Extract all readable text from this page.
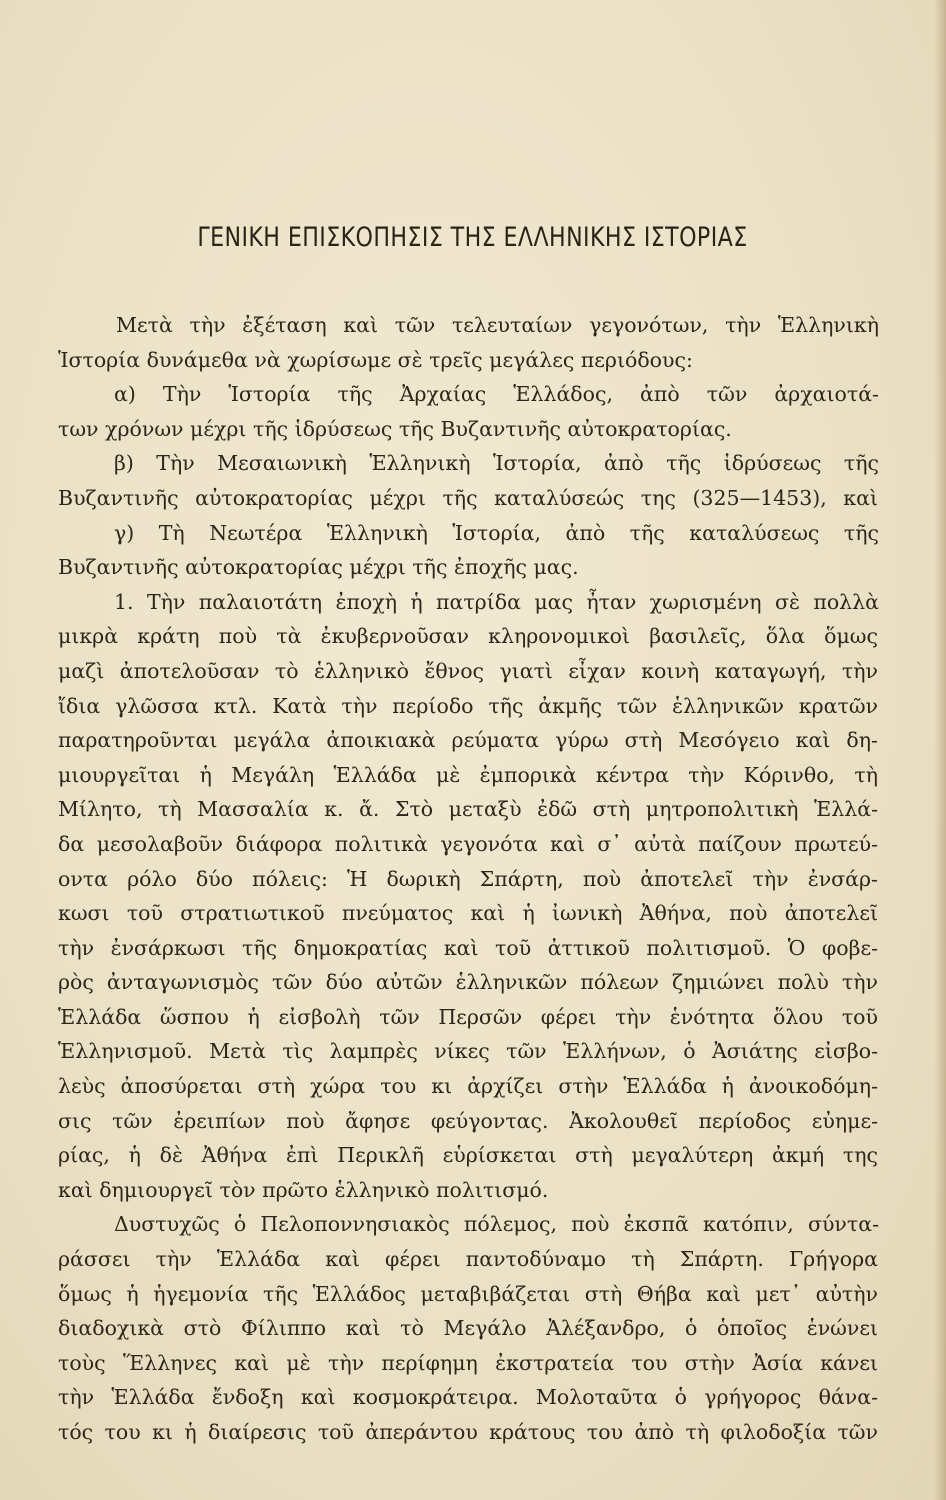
ΓΕΝΙΚΗ ΕΠΙΣΚΟΠΗΣΙΣ ΤΗΣ ΕΛΛΗΝΙΚΗΣ ΙΣΤΟΡΙΑΣ
Μετὰ τὴν ἐξέταση καὶ τῶν τελευταίων γεγονότων, τὴν Ἑλληνικὴ
Ἱστορία δυνάμεθα νὰ χωρίσωμε σὲ τρεῖς μεγάλες περιόδους:
α) Τὴν Ἱστορία τῆς Ἀρχαίας Ἑλλάδος, ἀπὸ τῶν ἀρχαιοτά-
των χρόνων μέχρι τῆς ἱδρύσεως τῆς Βυζαντινῆς αὐτοκρατορίας.
β) Τὴν Μεσαιωνικὴ Ἑλληνικὴ Ἱστορία, ἀπὸ τῆς ἱδρύσεως τῆς
Βυζαντινῆς αὐτοκρατορίας μέχρι τῆς καταλύσεώς της (325—1453), καὶ
γ) Τὴ Νεωτέρα Ἑλληνικὴ Ἱστορία, ἀπὸ τῆς καταλύσεως τῆς
Βυζαντινῆς αὐτοκρατορίας μέχρι τῆς ἐποχῆς μας.
1. Τὴν παλαιοτάτη ἐποχὴ ἡ πατρίδα μας ἦταν χωρισμένη σὲ πολλὰ
μικρὰ κράτη ποὺ τὰ ἐκυβερνοῦσαν κληρονομικοὶ βασιλεῖς, ὅλα ὅμως
μαζὶ ἀποτελοῦσαν τὸ ἑλληνικὸ ἔθνος γιατὶ εἶχαν κοινὴ καταγωγή, τὴν
ἴδια γλῶσσα κτλ. Κατὰ τὴν περίοδο τῆς ἀκμῆς τῶν ἑλληνικῶν κρατῶν
παρατηροῦνται μεγάλα ἀποικιακὰ ρεύματα γύρω στὴ Μεσόγειο καὶ δη-
μιουργεῖται ἡ Μεγάλη Ἑλλάδα μὲ ἐμπορικὰ κέντρα τὴν Κόρινθο, τὴ
Μίλητο, τὴ Μασσαλία κ. ἄ. Στὸ μεταξὺ ἐδῶ στὴ μητροπολιτικὴ Ἑλλά-
δα μεσολαβοῦν διάφορα πολιτικὰ γεγονότα καὶ σ᾽ αὐτὰ παίζουν πρωτεύ-
οντα ρόλο δύο πόλεις: Ἡ δωρικὴ Σπάρτη, ποὺ ἀποτελεῖ τὴν ἐνσάρ-
κωσι τοῦ στρατιωτικοῦ πνεύματος καὶ ἡ ἰωνικὴ Ἀθήνα, ποὺ ἀποτελεῖ
τὴν ἐνσάρκωσι τῆς δημοκρατίας καὶ τοῦ ἀττικοῦ πολιτισμοῦ. Ὁ φοβε-
ρὸς ἀνταγωνισμὸς τῶν δύο αὐτῶν ἑλληνικῶν πόλεων ζημιώνει πολὺ τὴν
Ἑλλάδα ὥσπου ἡ εἰσβολὴ τῶν Περσῶν φέρει τὴν ἑνότητα ὅλου τοῦ
Ἑλληνισμοῦ. Μετὰ τὶς λαμπρὲς νίκες τῶν Ἑλλήνων, ὁ Ἀσιάτης εἰσβο-
λεὺς ἀποσύρεται στὴ χώρα του κι ἀρχίζει στὴν Ἑλλάδα ἡ ἀνοικοδόμη-
σις τῶν ἐρειπίων ποὺ ἄφησε φεύγοντας. Ἀκολουθεῖ περίοδος εὐημε-
ρίας, ἡ δὲ Ἀθήνα ἐπὶ Περικλῆ εὑρίσκεται στὴ μεγαλύτερη ἀκμή της
καὶ δημιουργεῖ τὸν πρῶτο ἑλληνικὸ πολιτισμό.
Δυστυχῶς ὁ Πελοποννησιακὸς πόλεμος, ποὺ ἐκσπᾶ κατόπιν, σύντα-
ράσσει τὴν Ἑλλάδα καὶ φέρει παντοδύναμο τὴ Σπάρτη. Γρήγορα
ὅμως ἡ ἡγεμονία τῆς Ἑλλάδος μεταβιβάζεται στὴ Θήβα καὶ μετ᾽ αὐτὴν
διαδοχικὰ στὸ Φίλιππο καὶ τὸ Μεγάλο Ἀλέξανδρο, ὁ ὁποῖος ἑνώνει
τοὺς Ἕλληνες καὶ μὲ τὴν περίφημη ἐκστρατεία του στὴν Ἀσία κάνει
τὴν Ἑλλάδα ἔνδοξη καὶ κοσμοκράτειρα. Μολοταῦτα ὁ γρήγορος θάνα-
τός του κι ἡ διαίρεσις τοῦ ἀπεράντου κράτους του ἀπὸ τὴ φιλοδοξία τῶν
